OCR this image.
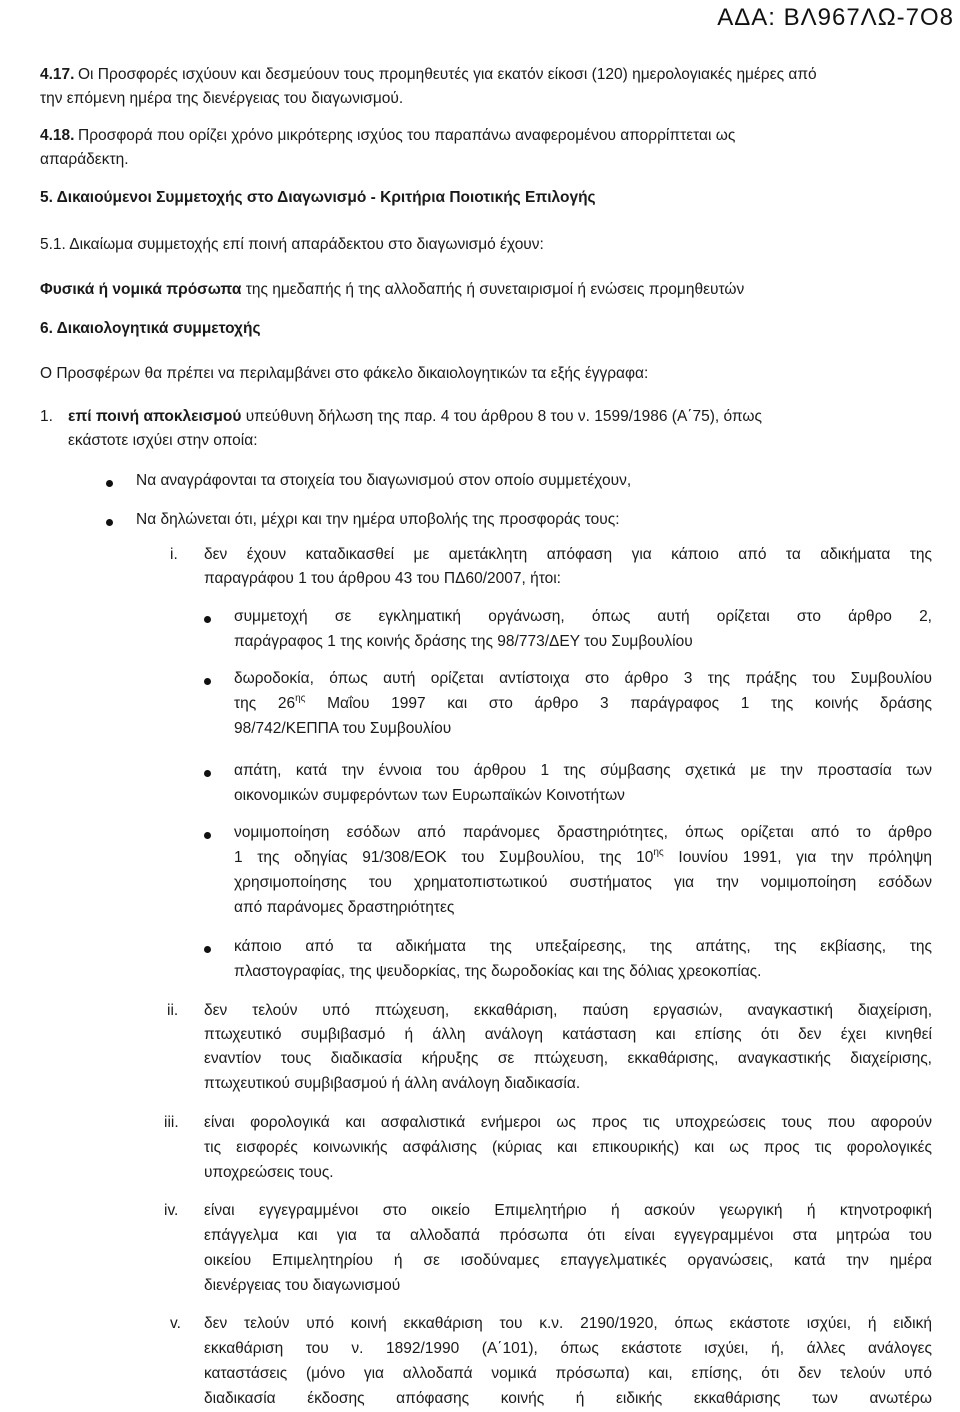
ΑΔΑ: ΒΛ967ΛΩ-7Ο8
4.17. Οι Προσφορές ισχύουν και δεσμεύουν τους προμηθευτές για εκατόν είκοσι (120) ημερολογιακές ημέρες από
την επόμενη ημέρα της διενέργειας του διαγωνισμού.
4.18. Προσφορά που ορίζει χρόνο μικρότερης ισχύος του παραπάνω αναφερομένου απορρίπτεται ως
απαράδεκτη.
5. Δικαιούμενοι Συμμετοχής στο Διαγωνισμό - Κριτήρια Ποιοτικής Επιλογής
5.1. Δικαίωμα συμμετοχής επί ποινή απαράδεκτου στο διαγωνισμό έχουν:
Φυσικά ή νομικά πρόσωπα της ημεδαπής ή της αλλοδαπής ή συνεταιρισμοί ή ενώσεις προμηθευτών
6. Δικαιολογητικά συμμετοχής
Ο Προσφέρων θα πρέπει να περιλαμβάνει στο φάκελο δικαιολογητικών τα εξής έγγραφα:
1. επί ποινή αποκλεισμού υπεύθυνη δήλωση της παρ. 4 του άρθρου 8 του ν. 1599/1986 (Α΄75), όπως
εκάστοτε ισχύει στην οποία:
Να αναγράφονται τα στοιχεία του διαγωνισμού στον οποίο συμμετέχουν,
Να δηλώνεται ότι, μέχρι και την ημέρα υποβολής της προσφοράς τους:
i. δεν έχουν καταδικασθεί με αμετάκλητη απόφαση για κάποιο από τα αδικήματα της
παραγράφου 1 του άρθρου 43 του ΠΔ60/2007, ήτοι:
συμμετοχή σε εγκληματική οργάνωση, όπως αυτή ορίζεται στο άρθρο 2,
παράγραφος 1 της κοινής δράσης της 98/773/ΔΕΥ του Συμβουλίου
δωροδοκία, όπως αυτή ορίζεται αντίστοιχα στο άρθρο 3 της πράξης του Συμβουλίου
της $26^{\eta\varsigma}$ Μαΐου 1997 και στο άρθρο 3 παράγραφος 1 της κοινής δράσης
98/742/ΚΕΠΠΑ του Συμβουλίου
απάτη, κατά την έννοια του άρθρου 1 της σύμβασης σχετικά με την προστασία των
οικονομικών συμφερόντων των Ευρωπαϊκών Κοινοτήτων
νομιμοποίηση εσόδων από παράνομες δραστηριότητες, όπως ορίζεται από το άρθρο
1 της οδηγίας 91/308/ΕΟΚ του Συμβουλίου, της $10^{\eta\varsigma}$ Ιουνίου 1991, για την πρόληψη
χρησιμοποίησης του χρηματοπιστωτικού συστήματος για την νομιμοποίηση εσόδων
από παράνομες δραστηριότητες
κάποιο από τα αδικήματα της υπεξαίρεσης, της απάτης, της εκβίασης, της
πλαστογραφίας, της ψευδορκίας, της δωροδοκίας και της δόλιας χρεοκοπίας.
ii. δεν τελούν υπό πτώχευση, εκκαθάριση, παύση εργασιών, αναγκαστική διαχείριση,
πτωχευτικό συμβιβασμό ή άλλη ανάλογη κατάσταση και επίσης ότι δεν έχει κινηθεί
εναντίον τους διαδικασία κήρυξης σε πτώχευση, εκκαθάρισης, αναγκαστικής διαχείρισης,
πτωχευτικού συμβιβασμού ή άλλη ανάλογη διαδικασία.
iii. είναι φορολογικά και ασφαλιστικά ενήμεροι ως προς τις υποχρεώσεις τους που αφορούν
τις εισφορές κοινωνικής ασφάλισης (κύριας και επικουρικής) και ως προς τις φορολογικές
υποχρεώσεις τους.
iv. είναι εγγεγραμμένοι στο οικείο Επιμελητήριο ή ασκούν γεωργική ή κτηνοτροφική
επάγγελμα και για τα αλλοδαπά πρόσωπα ότι είναι εγγεγραμμένοι στα μητρώα του
οικείου Επιμελητηρίου ή σε ισοδύναμες επαγγελματικές οργανώσεις, κατά την ημέρα
διενέργειας του διαγωνισμού
v. δεν τελούν υπό κοινή εκκαθάριση του κ.ν. 2190/1920, όπως εκάστοτε ισχύει, ή ειδική
εκκαθάριση του ν. 1892/1990 (Α΄101), όπως εκάστοτε ισχύει, ή, άλλες ανάλογες
καταστάσεις (μόνο για αλλοδαπά νομικά πρόσωπα) και, επίσης, ότι δεν τελούν υπό
διαδικασία έκδοσης απόφασης κοινής ή ειδικής εκκαθάρισης των ανωτέρω
